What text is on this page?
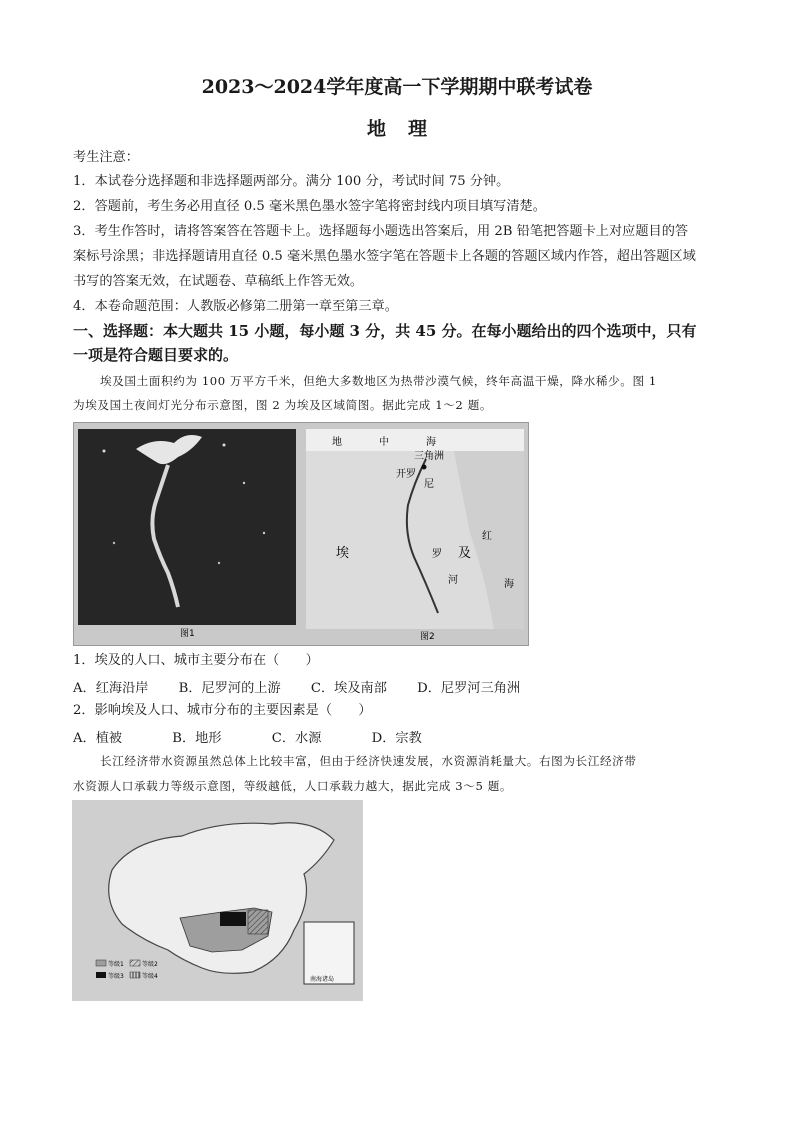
2023～2024学年度高一下学期期中联考试卷
地理
考生注意：
1．本试卷分选择题和非选择题两部分。满分 100 分，考试时间 75 分钟。
2．答题前，考生务必用直径 0.5 毫米黑色墨水签字笔将密封线内项目填写清楚。
3．考生作答时，请将答案答在答题卡上。选择题每小题选出答案后，用 2B 铅笔把答题卡上对应题目的答
案标号涂黑；非选择题请用直径 0.5 毫米黑色墨水签字笔在答题卡上各题的答题区域内作答，超出答题区域
书写的答案无效，在试题卷、草稿纸上作答无效。
4．本卷命题范围：人教版必修第二册第一章至第三章。
一、选择题：本大题共 15 小题，每小题 3 分，共 45 分。在每小题给出的四个选项中，只有
一项是符合题目要求的。
埃及国土面积约为 100 万平方千米，但绝大多数地区为热带沙漠气候，终年高温干燥，降水稀少。图 1
为埃及国土夜间灯光分布示意图，图 2 为埃及区域简图。据此完成 1～2 题。
图1
地	中	海
三角洲
开罗
尼
罗
河
埃	及
红
海
图2
1．埃及的人口、城市主要分布在（　　）
A．红海沿岸 B．尼罗河的上游 C．埃及南部 D．尼罗河三角洲
2．影响埃及人口、城市分布的主要因素是（　　）
A．植被	B．地形	C．水源	D．宗教
长江经济带水资源虽然总体上比较丰富，但由于经济快速发展，水资源消耗量大。右图为长江经济带
水资源人口承载力等级示意图，等级越低，人口承载力越大，据此完成 3～5 题。
南海诸岛
等级1	等级2
等级3	等级4
